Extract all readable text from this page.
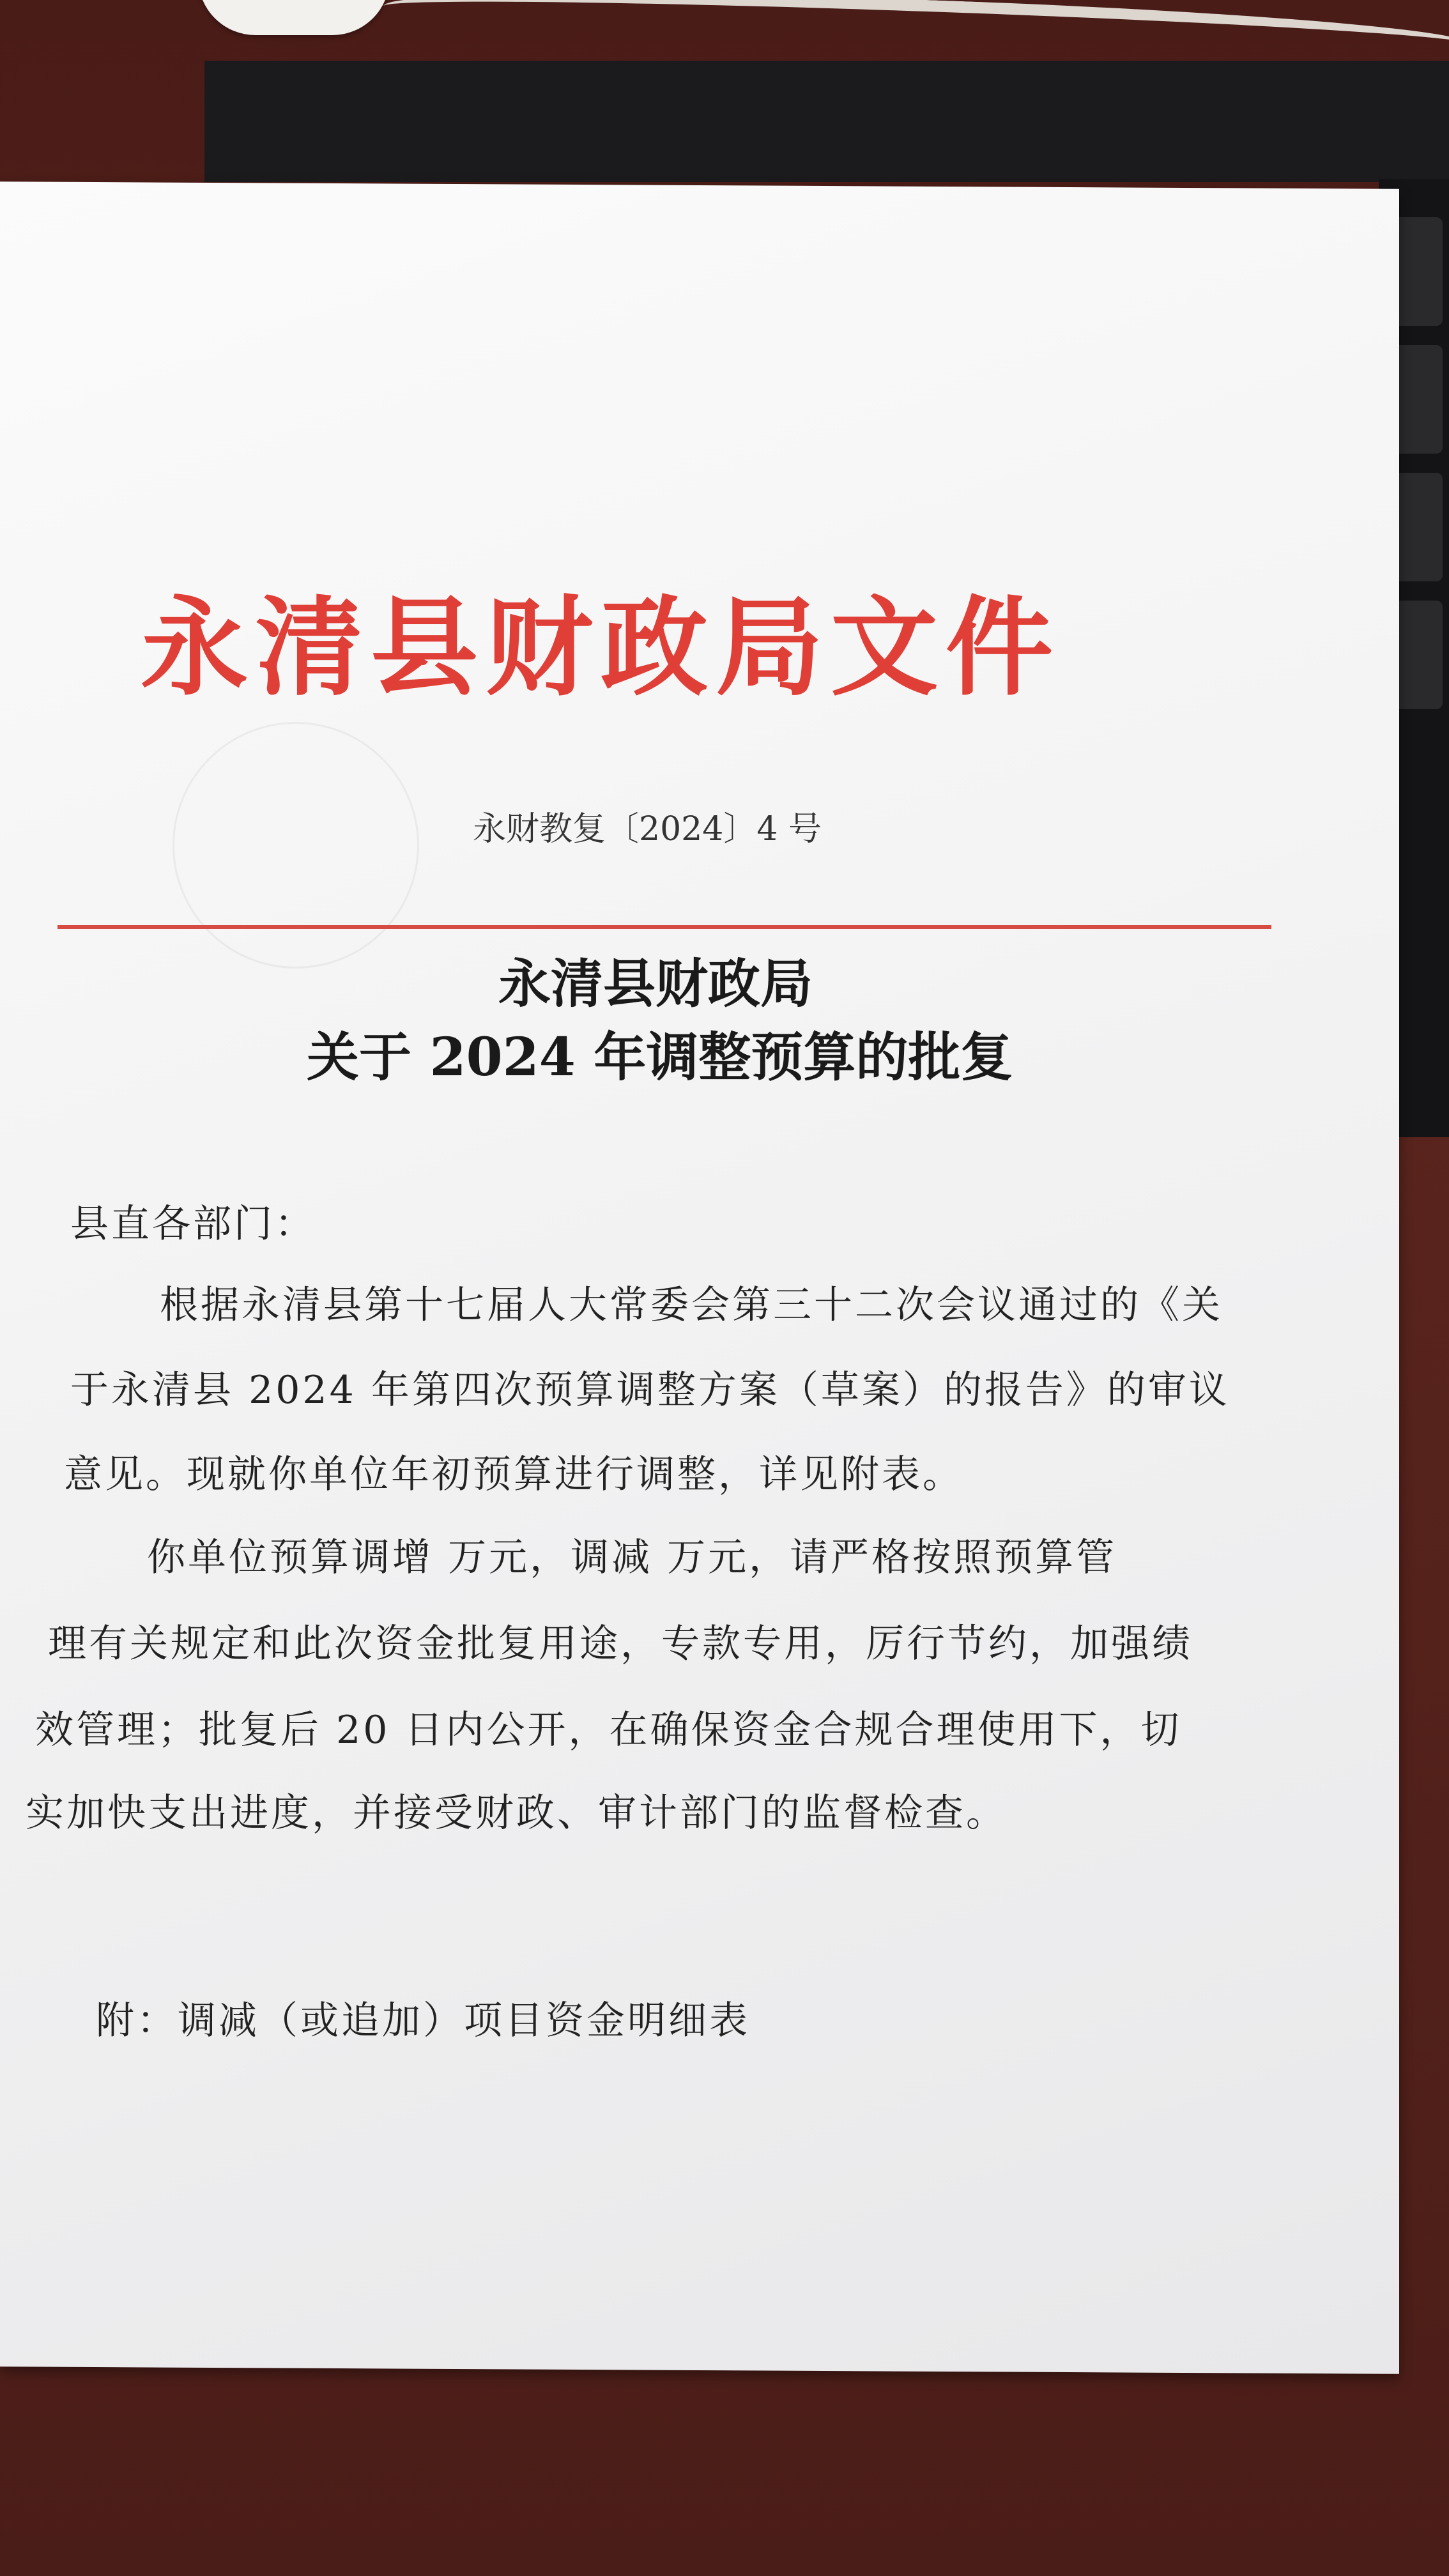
永清县财政局文件
永财教复〔2024〕4 号
永清县财政局
关于 2024 年调整预算的批复
县直各部门：
根据永清县第十七届人大常委会第三十二次会议通过的《关
于永清县 2024 年第四次预算调整方案（草案）的报告》的审议
意见。现就你单位年初预算进行调整，详见附表。
你单位预算调增 万元，调减 万元，请严格按照预算管
理有关规定和此次资金批复用途，专款专用，厉行节约，加强绩
效管理；批复后 20 日内公开，在确保资金合规合理使用下，切
实加快支出进度，并接受财政、审计部门的监督检查。
附：调减（或追加）项目资金明细表
